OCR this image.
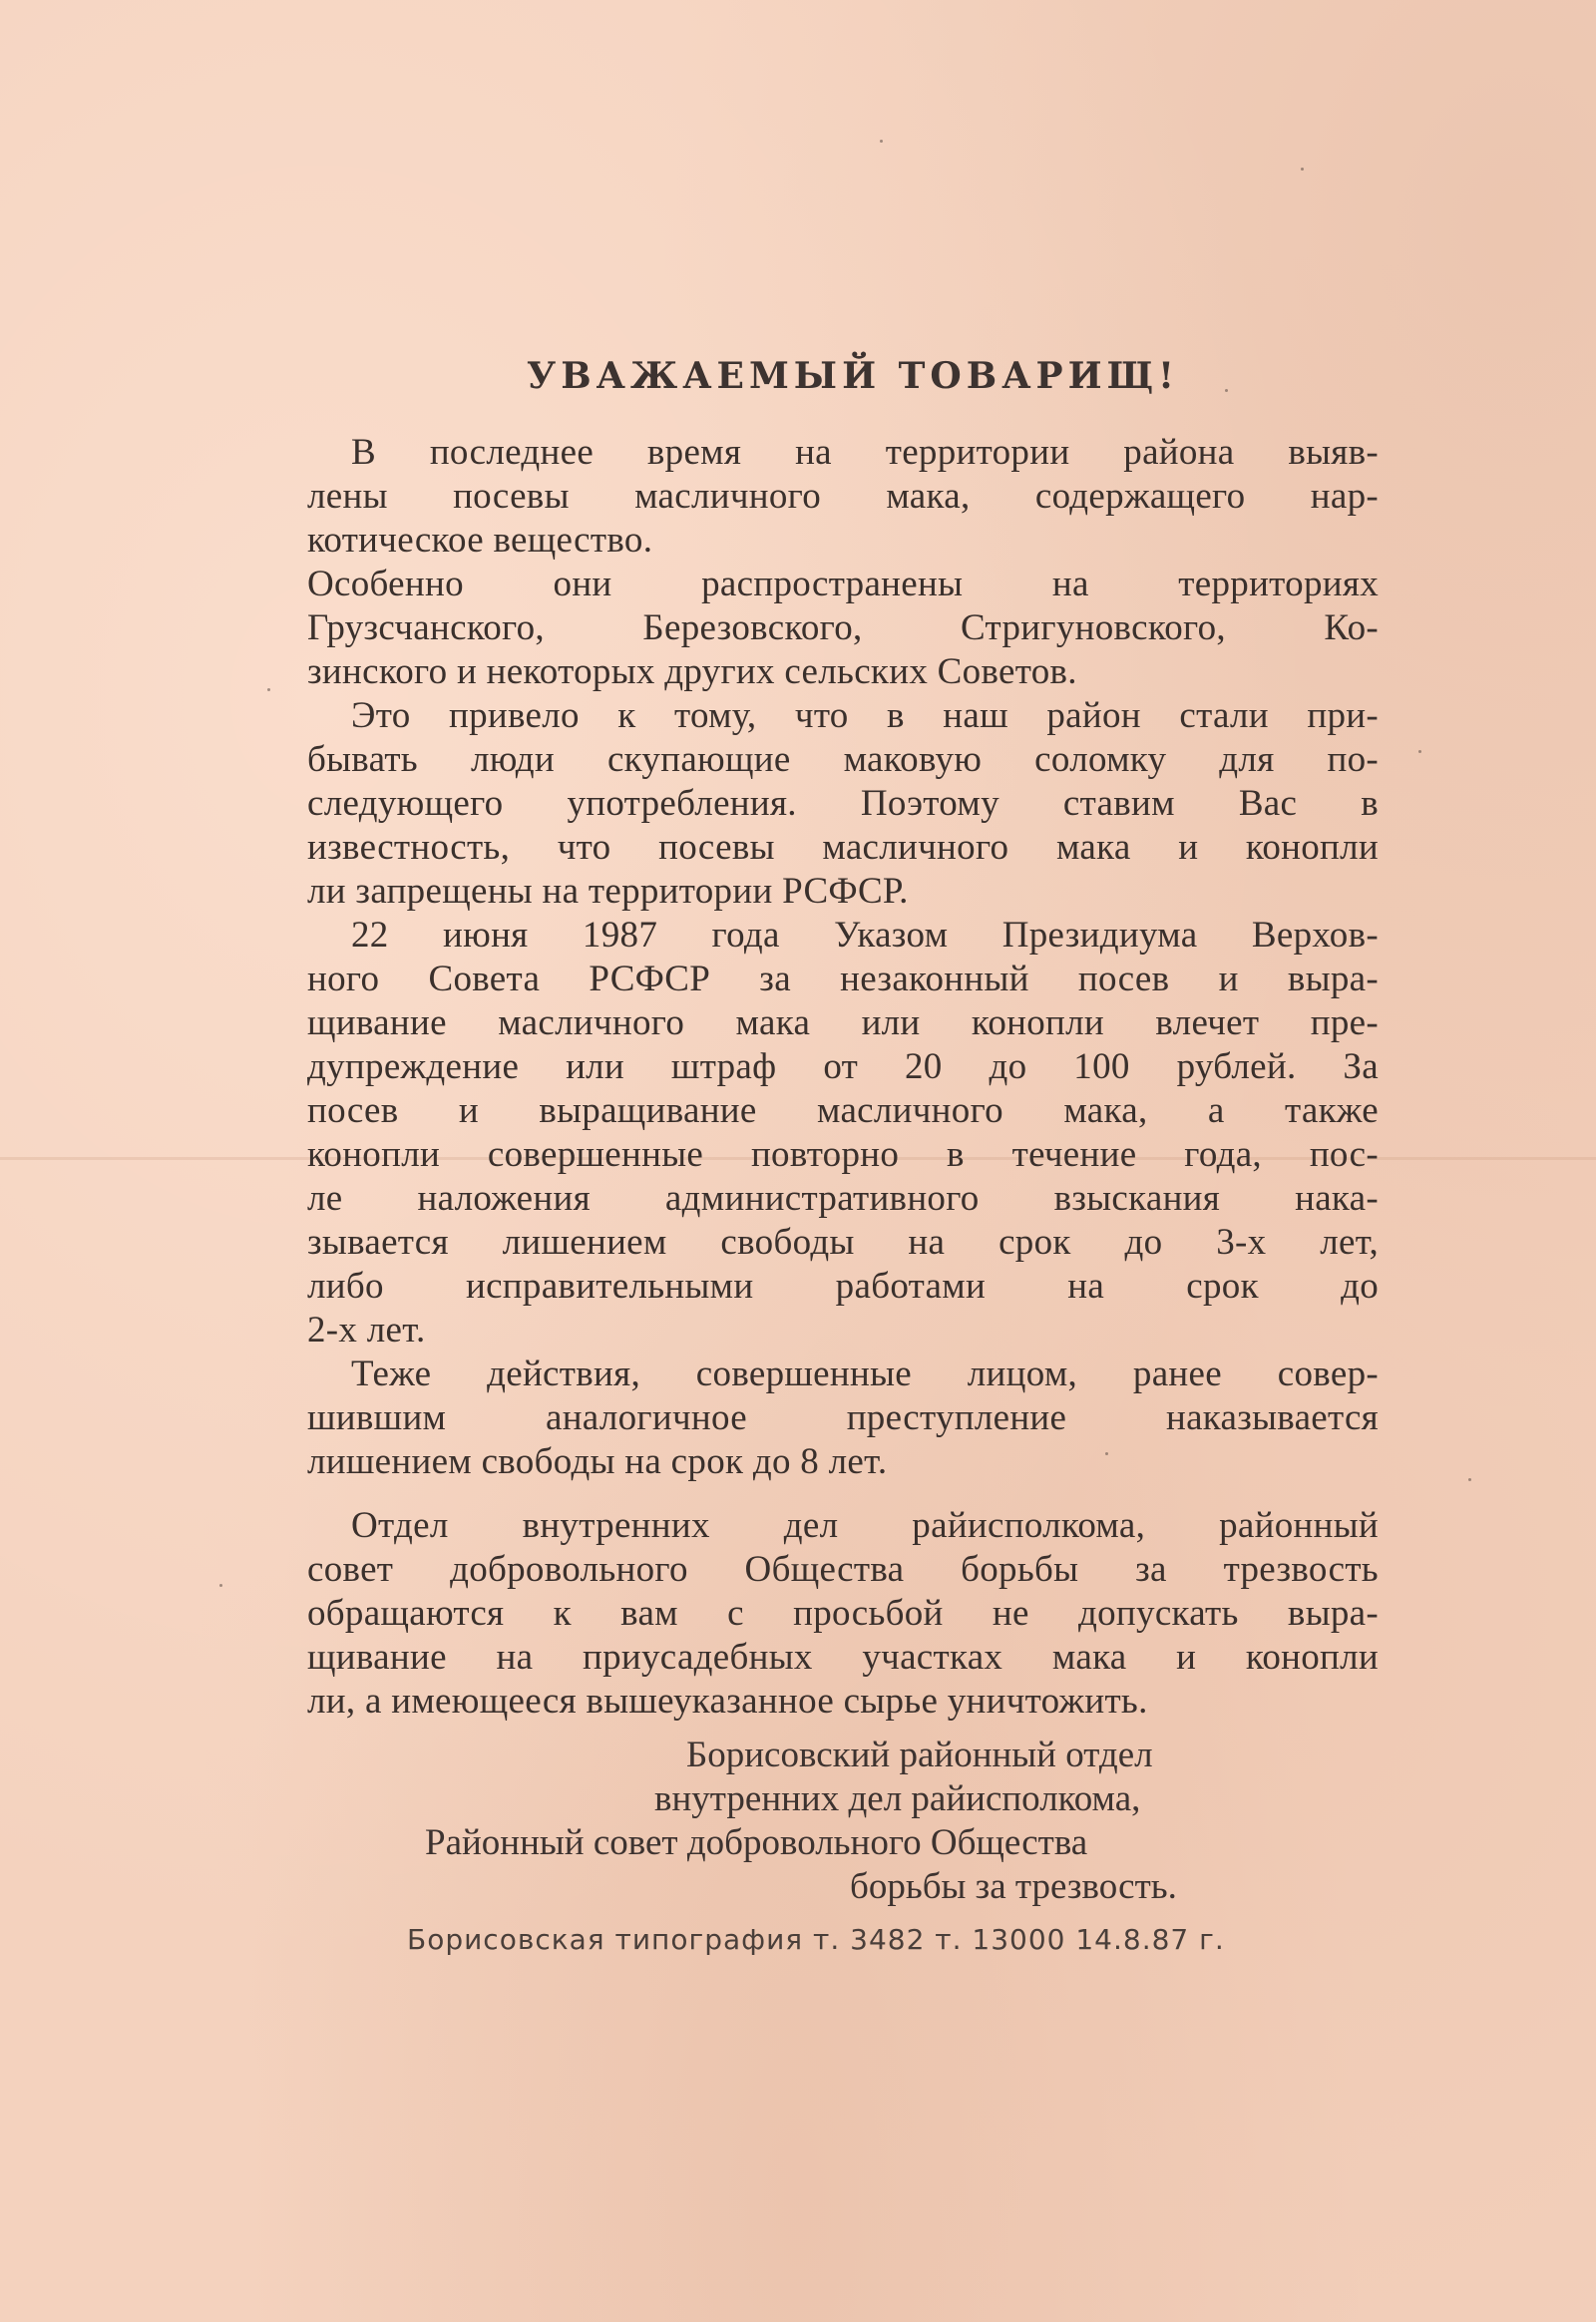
УВАЖАЕМЫЙ ТОВАРИЩ!
В последнее время на территории района выяв-
лены посевы масличного мака, содержащего нар-
котическое вещество.
Особенно они распространены на территориях
Грузсчанского, Березовского, Стригуновского, Ко-
зинского и некоторых других сельских Советов.
Это привело к тому, что в наш район стали при-
бывать люди скупающие маковую соломку для по-
следующего употребления. Поэтому ставим Вас в
известность, что посевы масличного мака и конопли
ли запрещены на территории РСФСР.
22 июня 1987 года Указом Президиума Верхов-
ного Совета РСФСР за незаконный посев и выра-
щивание масличного мака или конопли влечет пре-
дупреждение или штраф от 20 до 100 рублей. За
посев и выращивание масличного мака, а также
конопли совершенные повторно в течение года, пос-
ле наложения административного взыскания нака-
зывается лишением свободы на срок до 3-х лет,
либо исправительными работами на срок до
2-х лет.
Теже действия, совершенные лицом, ранее совер-
шившим аналогичное преступление наказывается
лишением свободы на срок до 8 лет.
Отдел внутренних дел райисполкома, районный
совет добровольного Общества борьбы за трезвость
обращаются к вам с просьбой не допускать выра-
щивание на приусадебных участках мака и конопли
ли, а имеющееся вышеуказанное сырье уничтожить.
Борисовский районный отдел
внутренних дел райисполкома,
Районный совет добровольного Общества
борьбы за трезвость.
Борисовская типография т. 3482 т. 13000 14.8.87 г.
